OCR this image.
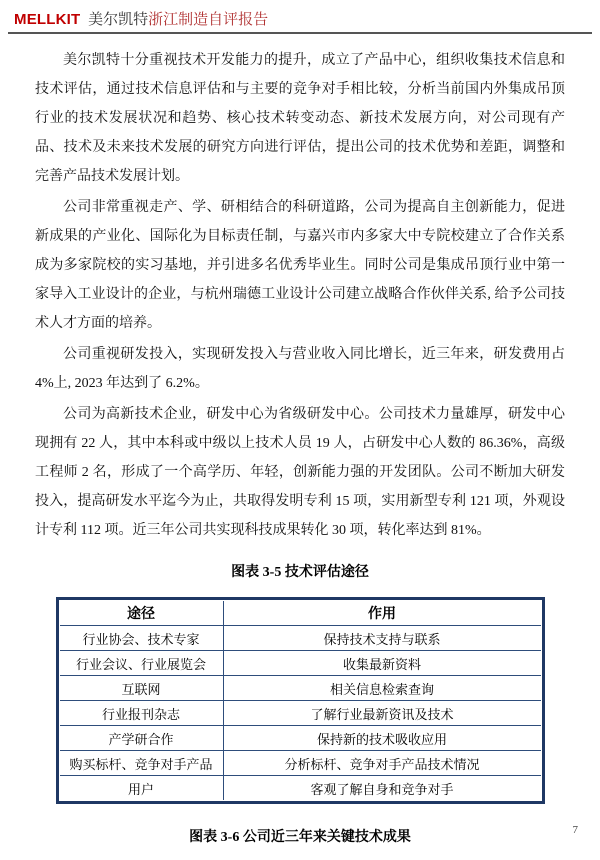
MELLKIT 美尔凯特浙江制造自评报告

美尔凯特十分重视技术开发能力的提升，成立了产品中心，组织收集技术信息和技术评估，通过技术信息评估和与主要的竞争对手相比较，分析当前国内外集成吊顶行业的技术发展状况和趋势、核心技术转变动态、新技术发展方向，对公司现有产品、技术及未来技术发展的研究方向进行评估，提出公司的技术优势和差距，调整和完善产品技术发展计划。

公司非常重视走产、学、研相结合的科研道路，公司为提高自主创新能力，促进新成果的产业化、国际化为目标责任制，与嘉兴市内多家大中专院校建立了合作关系成为多家院校的实习基地，并引进多名优秀毕业生。同时公司是集成吊顶行业中第一家导入工业设计的企业，与杭州瑞德工业设计公司建立战略合作伙伴关系, 给予公司技术人才方面的培养。

公司重视研发投入，实现研发投入与营业收入同比增长，近三年来，研发费用占 4%上, 2023 年达到了 6.2%。

公司为高新技术企业，研发中心为省级研发中心。公司技术力量雄厚，研发中心现拥有 22 人，其中本科或中级以上技术人员 19 人，占研发中心人数的 86.36%，高级工程师 2 名，形成了一个高学历、年轻，创新能力强的开发团队。公司不断加大研发投入，提高研发水平迄今为止，共取得发明专利 15 项，实用新型专利 121 项，外观设计专利 112 项。近三年公司共实现科技成果转化 30 项，转化率达到 81%。

图表 3-5 技术评估途径
途径	作用
行业协会、技术专家	保持技术支持与联系
行业会议、行业展览会	收集最新资料
互联网	相关信息检索查询
行业报刊杂志	了解行业最新资讯及技术
产学研合作	保持新的技术吸收应用
购买标杆、竞争对手产品	分析标杆、竞争对手产品技术情况
用户	客观了解自身和竞争对手
图表 3-6 公司近三年来关键技术成果	7
